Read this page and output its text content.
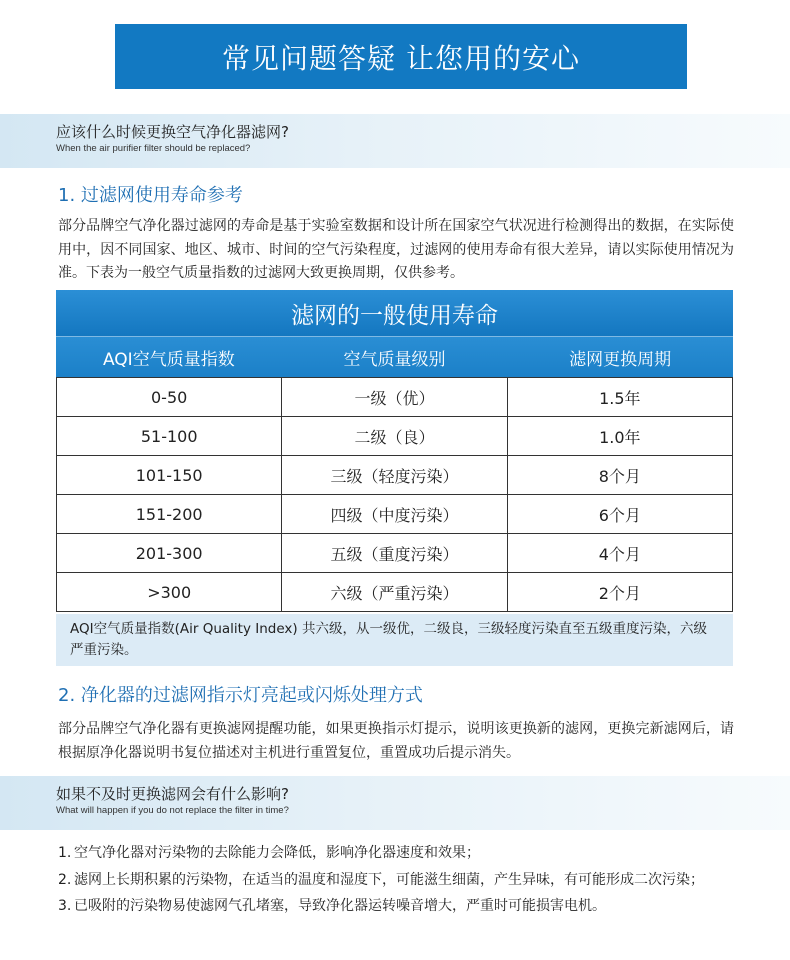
常见问题答疑 让您用的安心
应该什么时候更换空气净化器滤网?
When the air purifier filter should be replaced?
1. 过滤网使用寿命参考
部分品牌空气净化器过滤网的寿命是基于实验室数据和设计所在国家空气状况进行检测得出的数据，在实际使用中，因不同国家、地区、城市、时间的空气污染程度，过滤网的使用寿命有很大差异，请以实际使用情况为准。下表为一般空气质量指数的过滤网大致更换周期，仅供参考。
滤网的一般使用寿命
AQI空气质量指数	空气质量级别	滤网更换周期
0-50	一级（优）	1.5年
51-100	二级（良）	1.0年
101-150	三级（轻度污染）	8个月
151-200	四级（中度污染）	6个月
201-300	五级（重度污染）	4个月
>300	六级（严重污染）	2个月
AQI空气质量指数(Air Quality Index) 共六级，从一级优，二级良，三级轻度污染直至五级重度污染，六级严重污染。
2. 净化器的过滤网指示灯亮起或闪烁处理方式
部分品牌空气净化器有更换滤网提醒功能，如果更换指示灯提示，说明该更换新的滤网，更换完新滤网后，请根据原净化器说明书复位描述对主机进行重置复位，重置成功后提示消失。
如果不及时更换滤网会有什么影响?
What will happen if you do not replace the filter in time?
1. 空气净化器对污染物的去除能力会降低，影响净化器速度和效果；
2. 滤网上长期积累的污染物，在适当的温度和湿度下，可能滋生细菌，产生异味，有可能形成二次污染；
3. 已吸附的污染物易使滤网气孔堵塞，导致净化器运转噪音增大，严重时可能损害电机。
